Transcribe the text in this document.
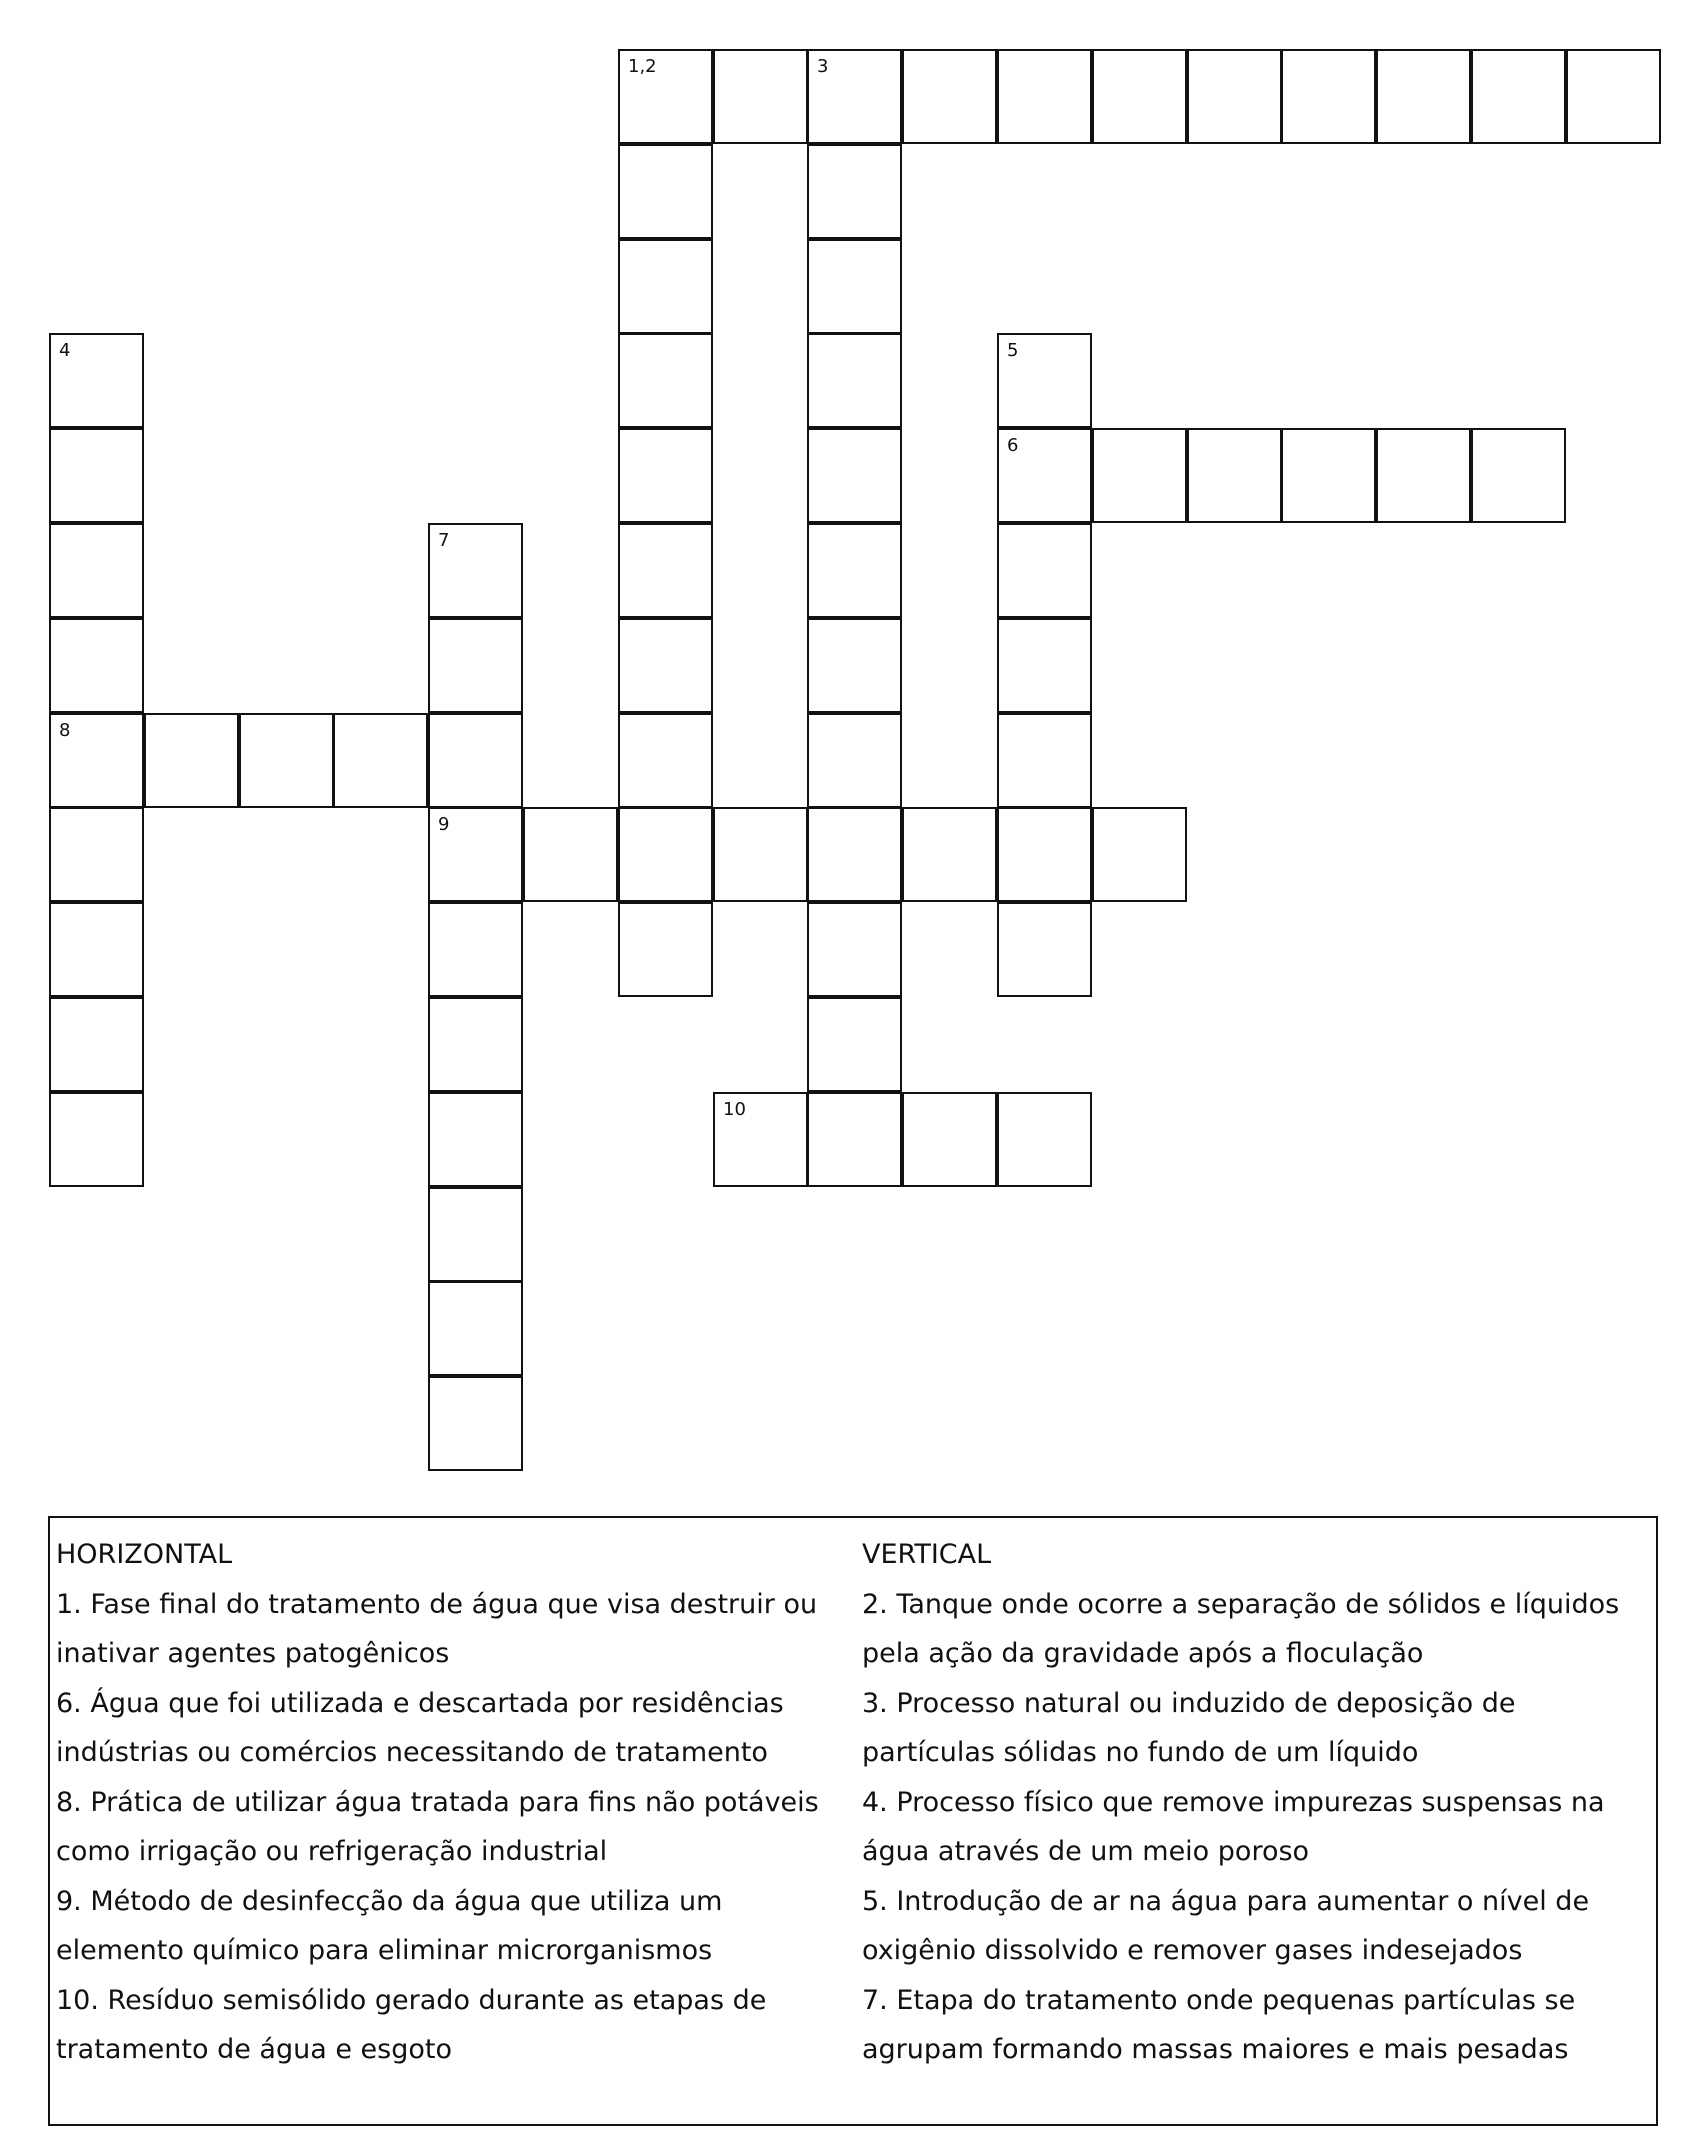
1,2	3
4	5
6
7
8
9
10

HORIZONTAL

1. Fase final do tratamento de água que visa destruir ou inativar agentes patogênicos

6. Água que foi utilizada e descartada por residências indústrias ou comércios necessitando de tratamento

8. Prática de utilizar água tratada para fins não potáveis como irrigação ou refrigeração industrial

9. Método de desinfecção da água que utiliza um elemento químico para eliminar microrganismos

10. Resíduo semisólido gerado durante as etapas de tratamento de água e esgoto

VERTICAL

2. Tanque onde ocorre a separação de sólidos e líquidos pela ação da gravidade após a floculação

3. Processo natural ou induzido de deposição de partículas sólidas no fundo de um líquido

4. Processo físico que remove impurezas suspensas na água através de um meio poroso

5. Introdução de ar na água para aumentar o nível de oxigênio dissolvido e remover gases indesejados

7. Etapa do tratamento onde pequenas partículas se agrupam formando massas maiores e mais pesadas
